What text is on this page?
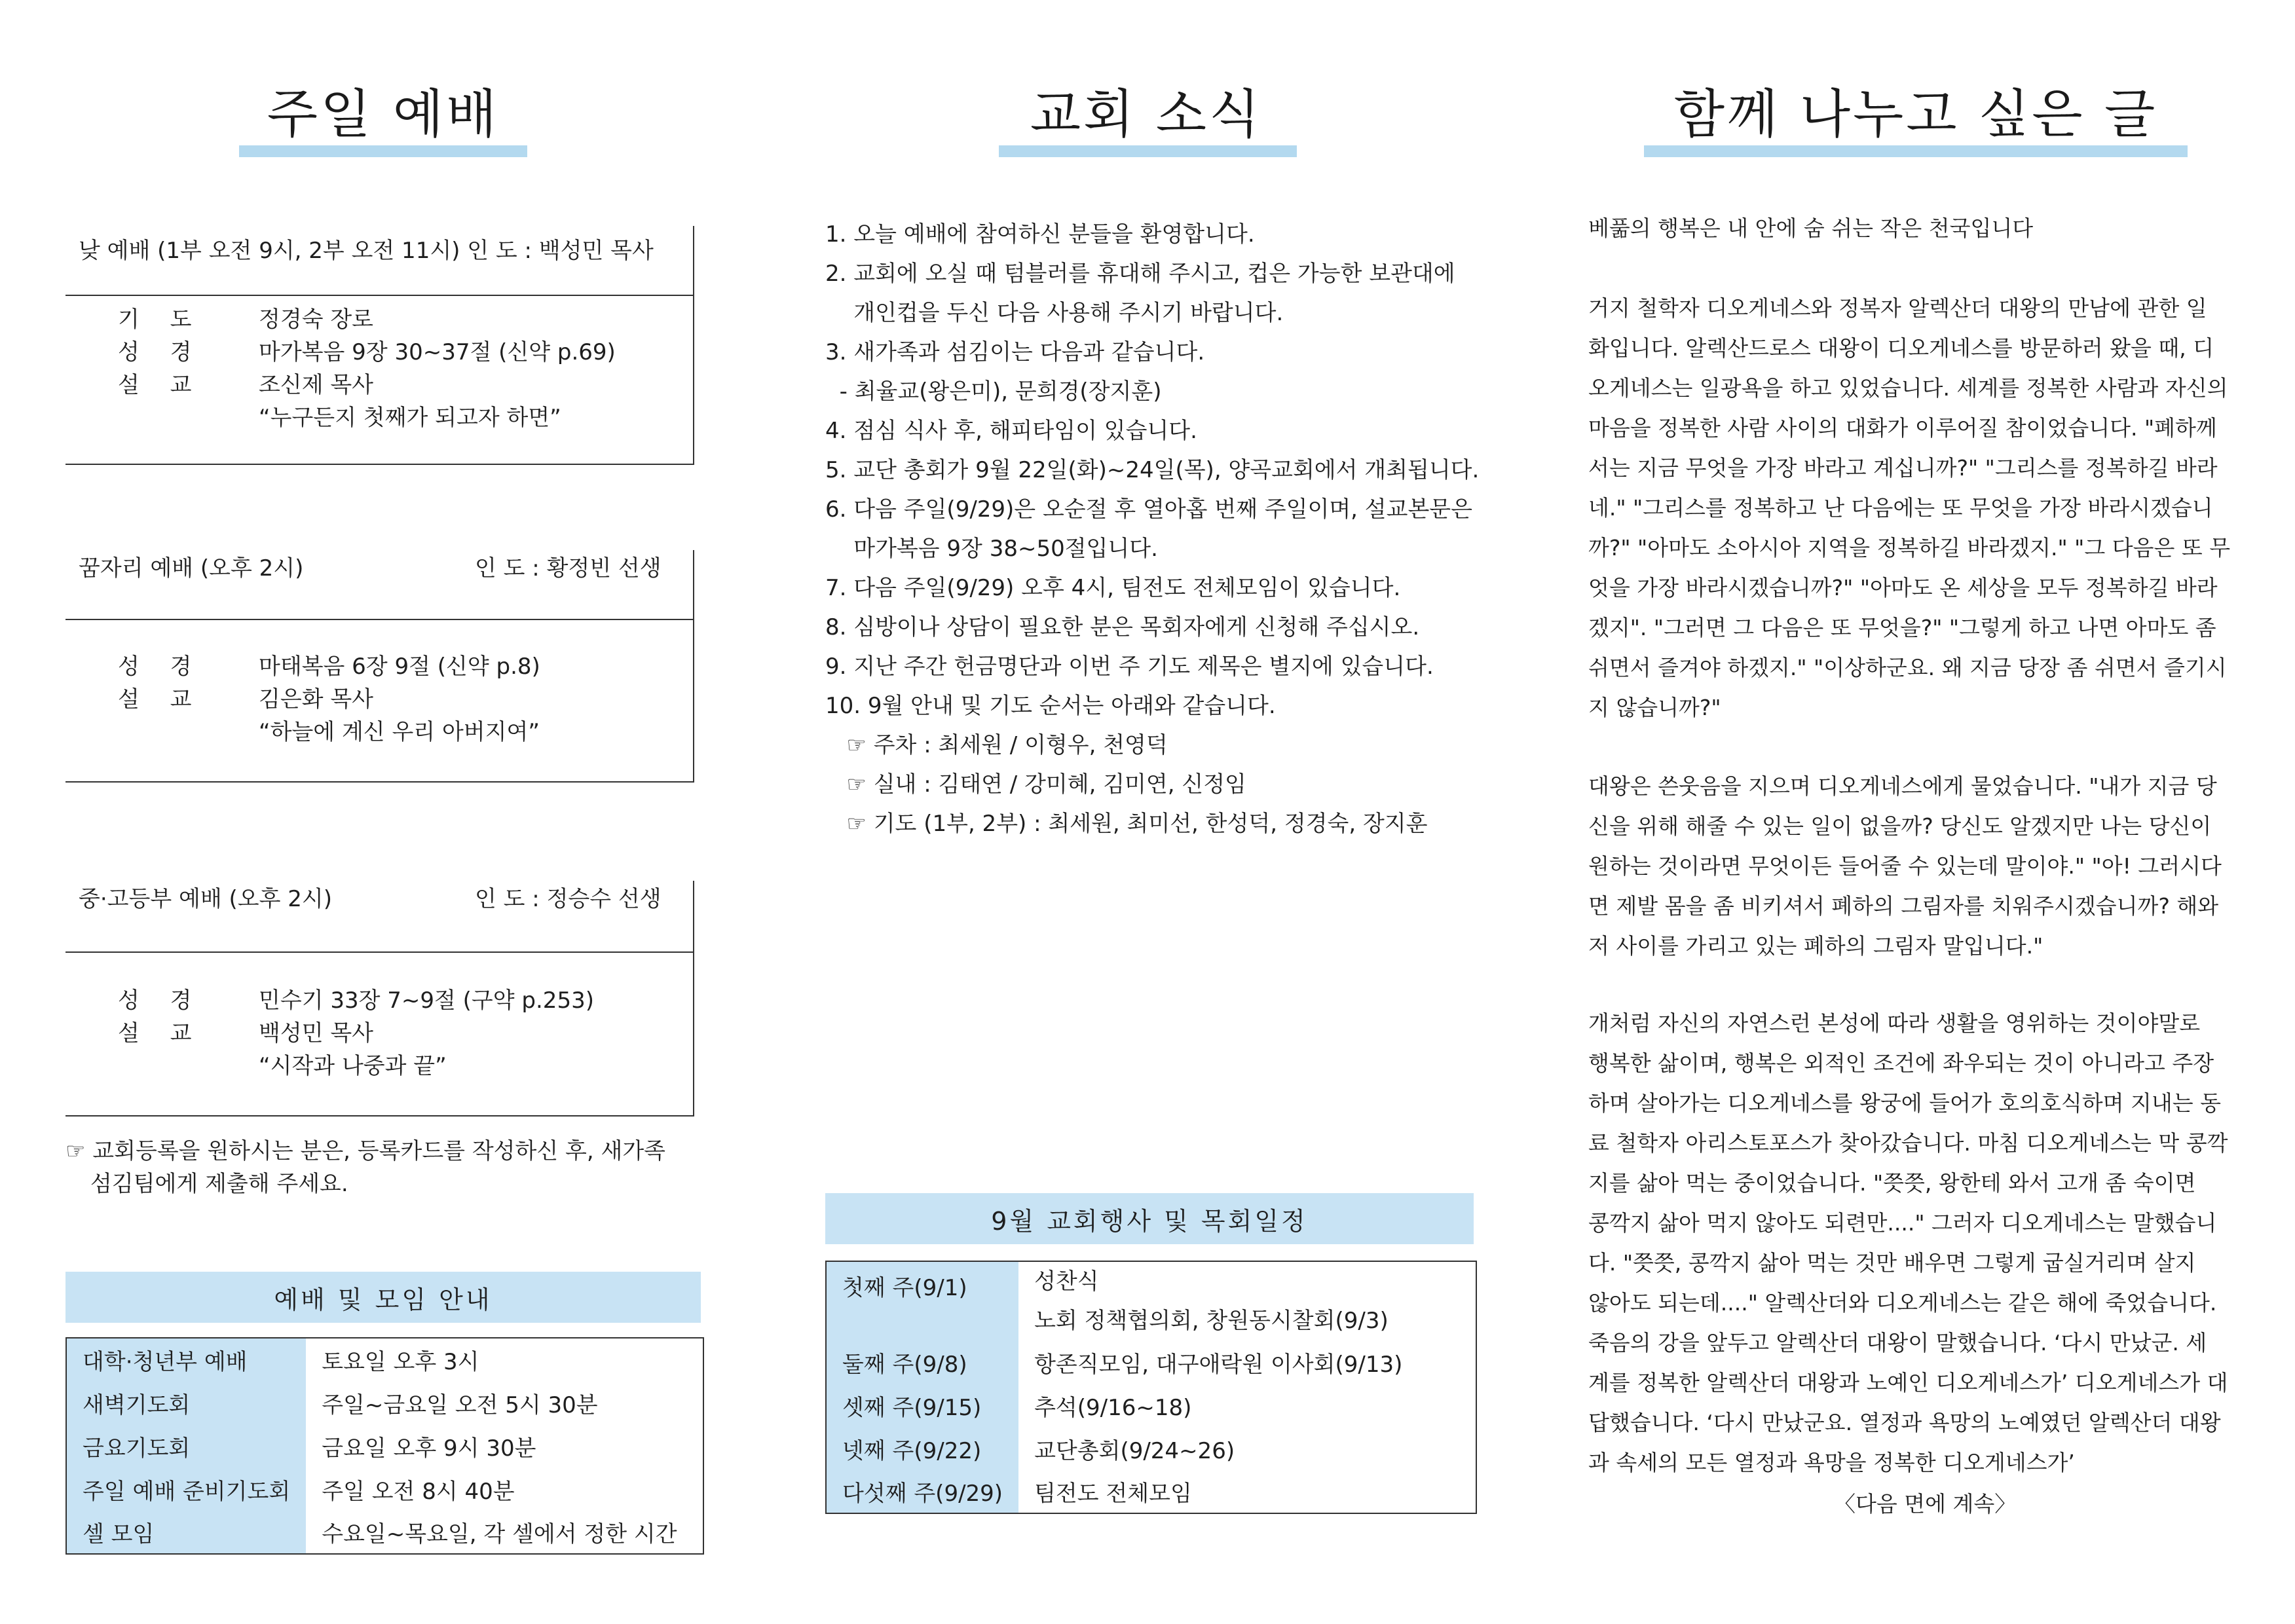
주일 예배
낮 예배 (1부 오전 9시, 2부 오전 11시) 인 도 : 백성민 목사
기 도 정경숙 장로
성 경 마가복음 9장 30~37절 (신약 p.69)
설 교 조신제 목사
“누구든지 첫째가 되고자 하면”
꿈자리 예배 (오후 2시)	인 도 : 황정빈 선생
성 경 마태복음 6장 9절 (신약 p.8)
설 교 김은화 목사
“하늘에 계신 우리 아버지여”
중·고등부 예배 (오후 2시)	인 도 : 정승수 선생
성 경 민수기 33장 7~9절 (구약 p.253)
설 교 백성민 목사
“시작과 나중과 끝”
☞ 교회등록을 원하시는 분은, 등록카드를 작성하신 후, 새가족
섬김팀에게 제출해 주세요.
예배 및 모임 안내
대학·청년부 예배	토요일 오후 3시
새벽기도회	주일~금요일 오전 5시 30분
금요기도회	금요일 오후 9시 30분
주일 예배 준비기도회	주일 오전 8시 40분
셀 모임	수요일~목요일, 각 셀에서 정한 시간
교회 소식
1. 오늘 예배에 참여하신 분들을 환영합니다.
2. 교회에 오실 때 텀블러를 휴대해 주시고, 컵은 가능한 보관대에
개인컵을 두신 다음 사용해 주시기 바랍니다.
3. 새가족과 섬김이는 다음과 같습니다.
- 최율교(왕은미), 문희경(장지훈)
4. 점심 식사 후, 해피타임이 있습니다.
5. 교단 총회가 9월 22일(화)~24일(목), 양곡교회에서 개최됩니다.
6. 다음 주일(9/29)은 오순절 후 열아홉 번째 주일이며, 설교본문은
마가복음 9장 38~50절입니다.
7. 다음 주일(9/29) 오후 4시, 팀전도 전체모임이 있습니다.
8. 심방이나 상담이 필요한 분은 목회자에게 신청해 주십시오.
9. 지난 주간 헌금명단과 이번 주 기도 제목은 별지에 있습니다.
10. 9월 안내 및 기도 순서는 아래와 같습니다.
☞ 주차 : 최세원 / 이형우, 천영덕
☞ 실내 : 김태연 / 강미혜, 김미연, 신정임
☞ 기도 (1부, 2부) : 최세원, 최미선, 한성덕, 정경숙, 장지훈
9월 교회행사 및 목회일정
첫째 주(9/1)	성찬식
노회 정책협의회, 창원동시찰회(9/3)

둘째 주(9/8)	항존직모임, 대구애락원 이사회(9/13)
셋째 주(9/15)	추석(9/16~18)
넷째 주(9/22)	교단총회(9/24~26)
다섯째 주(9/29)	팀전도 전체모임
함께 나누고 싶은 글
베풂의 행복은 내 안에 숨 쉬는 작은 천국입니다
거지 철학자 디오게네스와 정복자 알렉산더 대왕의 만남에 관한 일
화입니다. 알렉산드로스 대왕이 디오게네스를 방문하러 왔을 때, 디
오게네스는 일광욕을 하고 있었습니다. 세계를 정복한 사람과 자신의
마음을 정복한 사람 사이의 대화가 이루어질 참이었습니다. "폐하께
서는 지금 무엇을 가장 바라고 계십니까?" "그리스를 정복하길 바라
네." "그리스를 정복하고 난 다음에는 또 무엇을 가장 바라시겠습니
까?" "아마도 소아시아 지역을 정복하길 바라겠지." "그 다음은 또 무
엇을 가장 바라시겠습니까?" "아마도 온 세상을 모두 정복하길 바라
겠지". "그러면 그 다음은 또 무엇을?" "그렇게 하고 나면 아마도 좀
쉬면서 즐겨야 하겠지." "이상하군요. 왜 지금 당장 좀 쉬면서 즐기시
지 않습니까?"
대왕은 쓴웃음을 지으며 디오게네스에게 물었습니다. "내가 지금 당
신을 위해 해줄 수 있는 일이 없을까? 당신도 알겠지만 나는 당신이
원하는 것이라면 무엇이든 들어줄 수 있는데 말이야." "아! 그러시다
면 제발 몸을 좀 비키셔서 폐하의 그림자를 치워주시겠습니까? 해와
저 사이를 가리고 있는 폐하의 그림자 말입니다."
개처럼 자신의 자연스런 본성에 따라 생활을 영위하는 것이야말로
행복한 삶이며, 행복은 외적인 조건에 좌우되는 것이 아니라고 주장
하며 살아가는 디오게네스를 왕궁에 들어가 호의호식하며 지내는 동
료 철학자 아리스토포스가 찾아갔습니다. 마침 디오게네스는 막 콩깍
지를 삶아 먹는 중이었습니다. "쯧쯧, 왕한테 와서 고개 좀 숙이면
콩깍지 삶아 먹지 않아도 되련만...." 그러자 디오게네스는 말했습니
다. "쯧쯧, 콩깍지 삶아 먹는 것만 배우면 그렇게 굽실거리며 살지
않아도 되는데...." 알렉산더와 디오게네스는 같은 해에 죽었습니다.
죽음의 강을 앞두고 알렉산더 대왕이 말했습니다. ‘다시 만났군. 세
계를 정복한 알렉산더 대왕과 노예인 디오게네스가’ 디오게네스가 대
답했습니다. ‘다시 만났군요. 열정과 욕망의 노예였던 알렉산더 대왕
과 속세의 모든 열정과 욕망을 정복한 디오게네스가’
〈다음 면에 계속〉
